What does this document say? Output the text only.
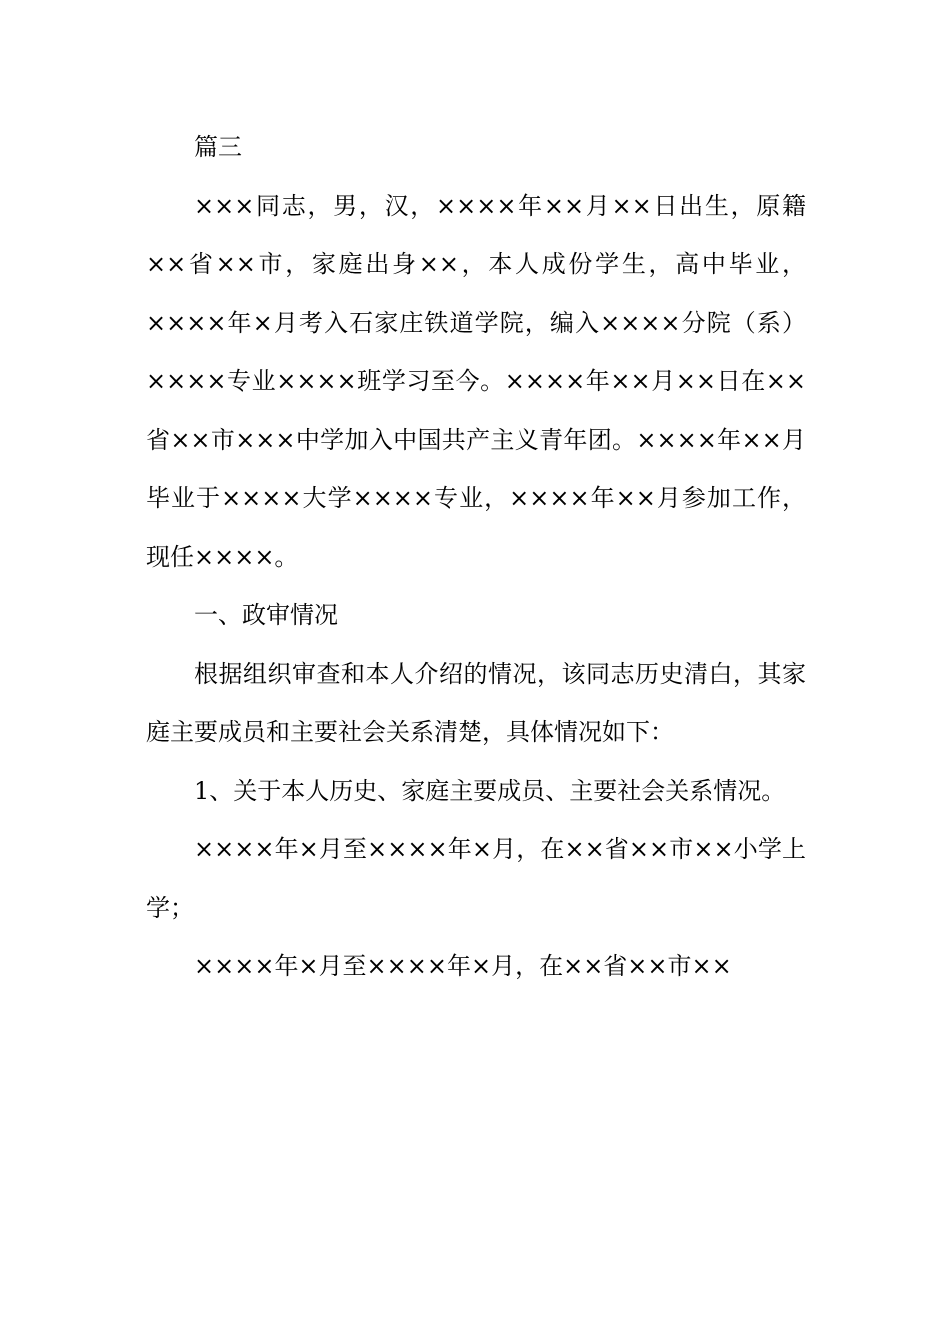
篇三

×××同志，男，汉，××××年××月××日出生，原籍××省××市，家庭出身××，本人成份学生，高中毕业，××××年×月考入石家庄铁道学院，编入××××分院（系）××××专业××××班学习至今。××××年××月××日在××省××市×××中学加入中国共产主义青年团。××××年××月毕业于××××大学××××专业，××××年××月参加工作，现任××××。

一、政审情况

根据组织审查和本人介绍的情况，该同志历史清白，其家庭主要成员和主要社会关系清楚，具体情况如下：

1、关于本人历史、家庭主要成员、主要社会关系情况。

××××年×月至××××年×月，在××省××市××小学上学；

××××年×月至××××年×月，在××省××市××
